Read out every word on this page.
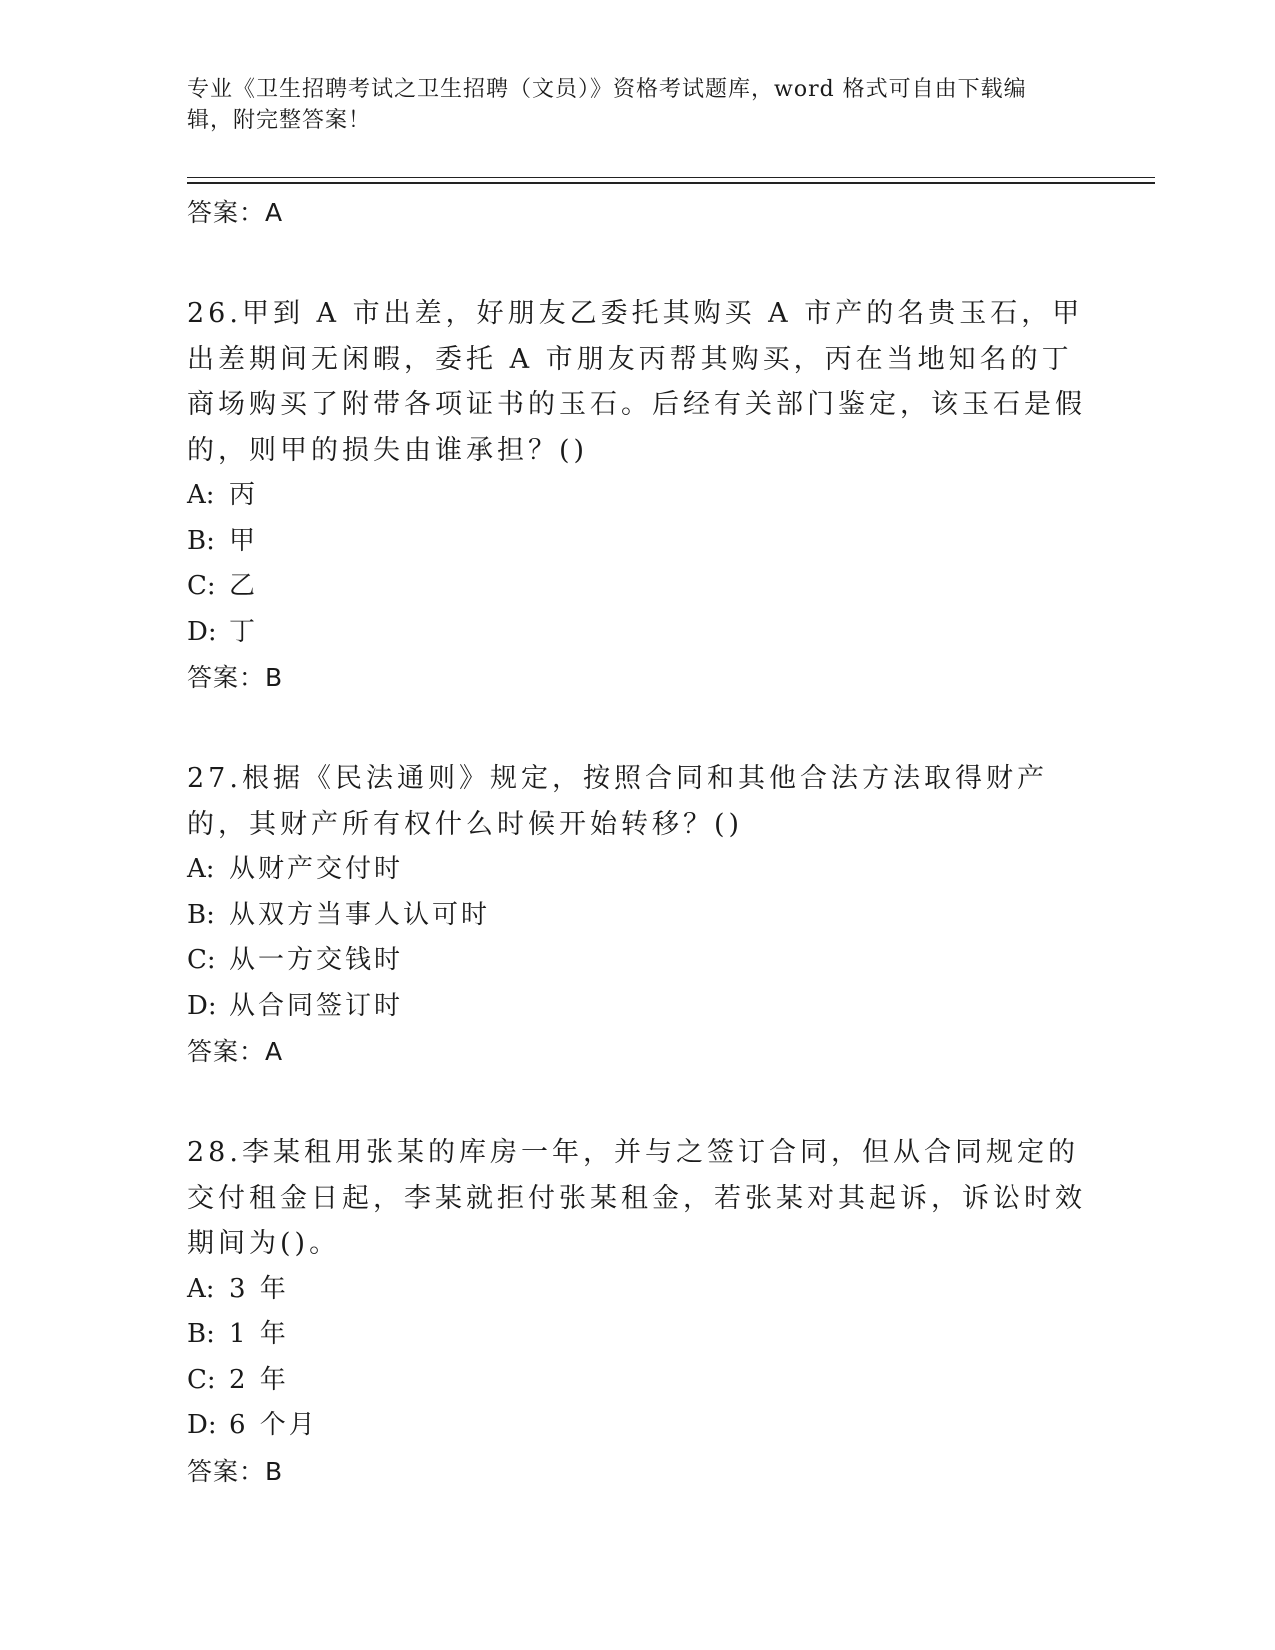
专业《卫生招聘考试之卫生招聘（文员）》资格考试题库，word 格式可自由下载编辑，附完整答案！
答案：A
26.甲到 A 市出差，好朋友乙委托其购买 A 市产的名贵玉石，甲出差期间无闲暇，委托 A 市朋友丙帮其购买，丙在当地知名的丁商场购买了附带各项证书的玉石。后经有关部门鉴定，该玉石是假的，则甲的损失由谁承担？()
A: 丙
B: 甲
C: 乙
D: 丁
答案：B
27.根据《民法通则》规定，按照合同和其他合法方法取得财产的，其财产所有权什么时候开始转移？()
A: 从财产交付时
B: 从双方当事人认可时
C: 从一方交钱时
D: 从合同签订时
答案：A
28.李某租用张某的库房一年，并与之签订合同，但从合同规定的交付租金日起，李某就拒付张某租金，若张某对其起诉，诉讼时效期间为()。
A: 3 年
B: 1 年
C: 2 年
D: 6 个月
答案：B
